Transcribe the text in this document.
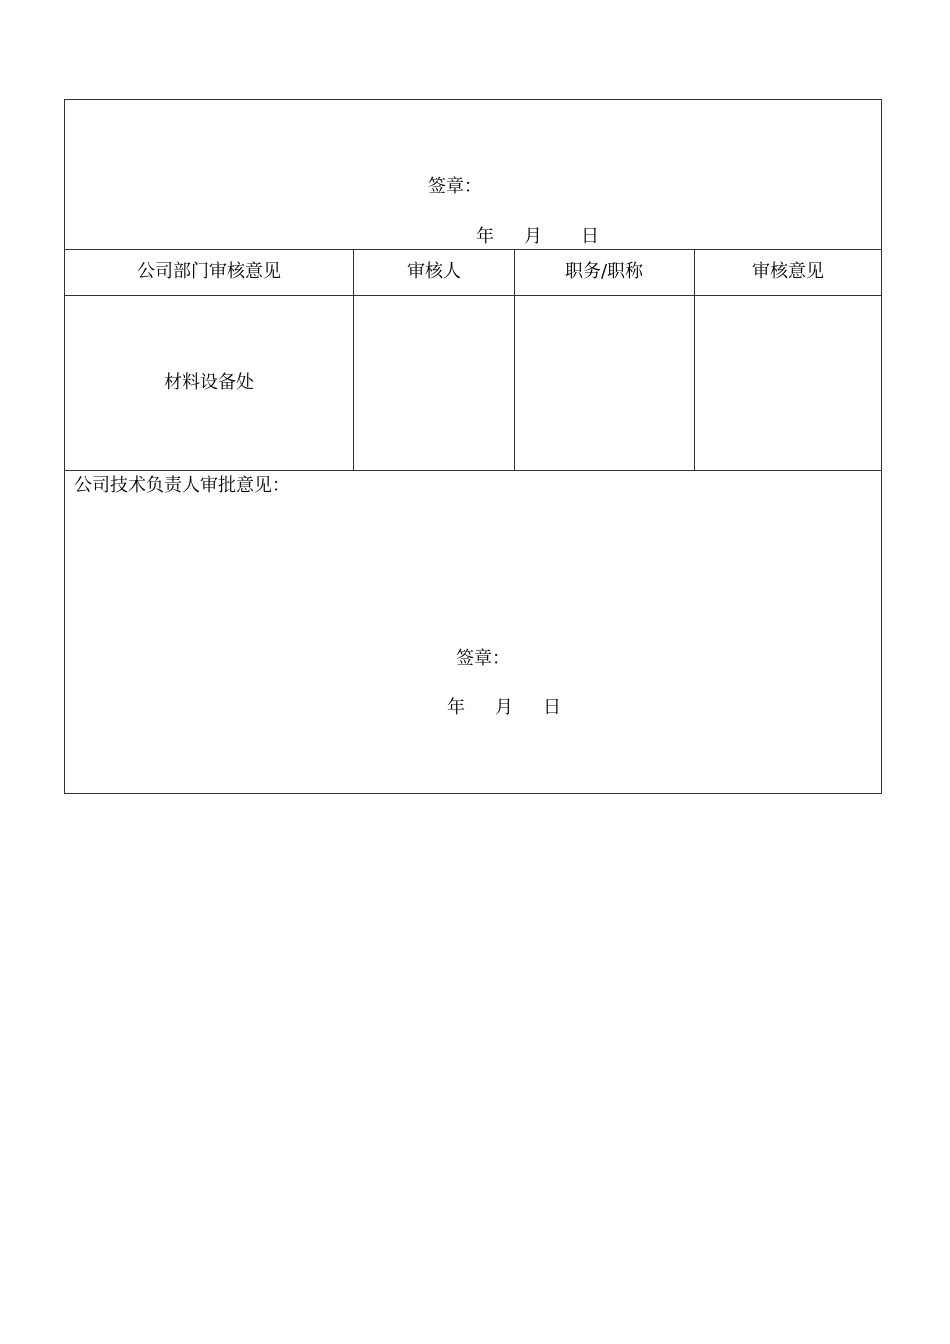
签章：
年 月 日
公司部门审核意见	审核人	职务/职称	审核意见
材料设备处
公司技术负责人审批意见：
签章：
年 月 日
